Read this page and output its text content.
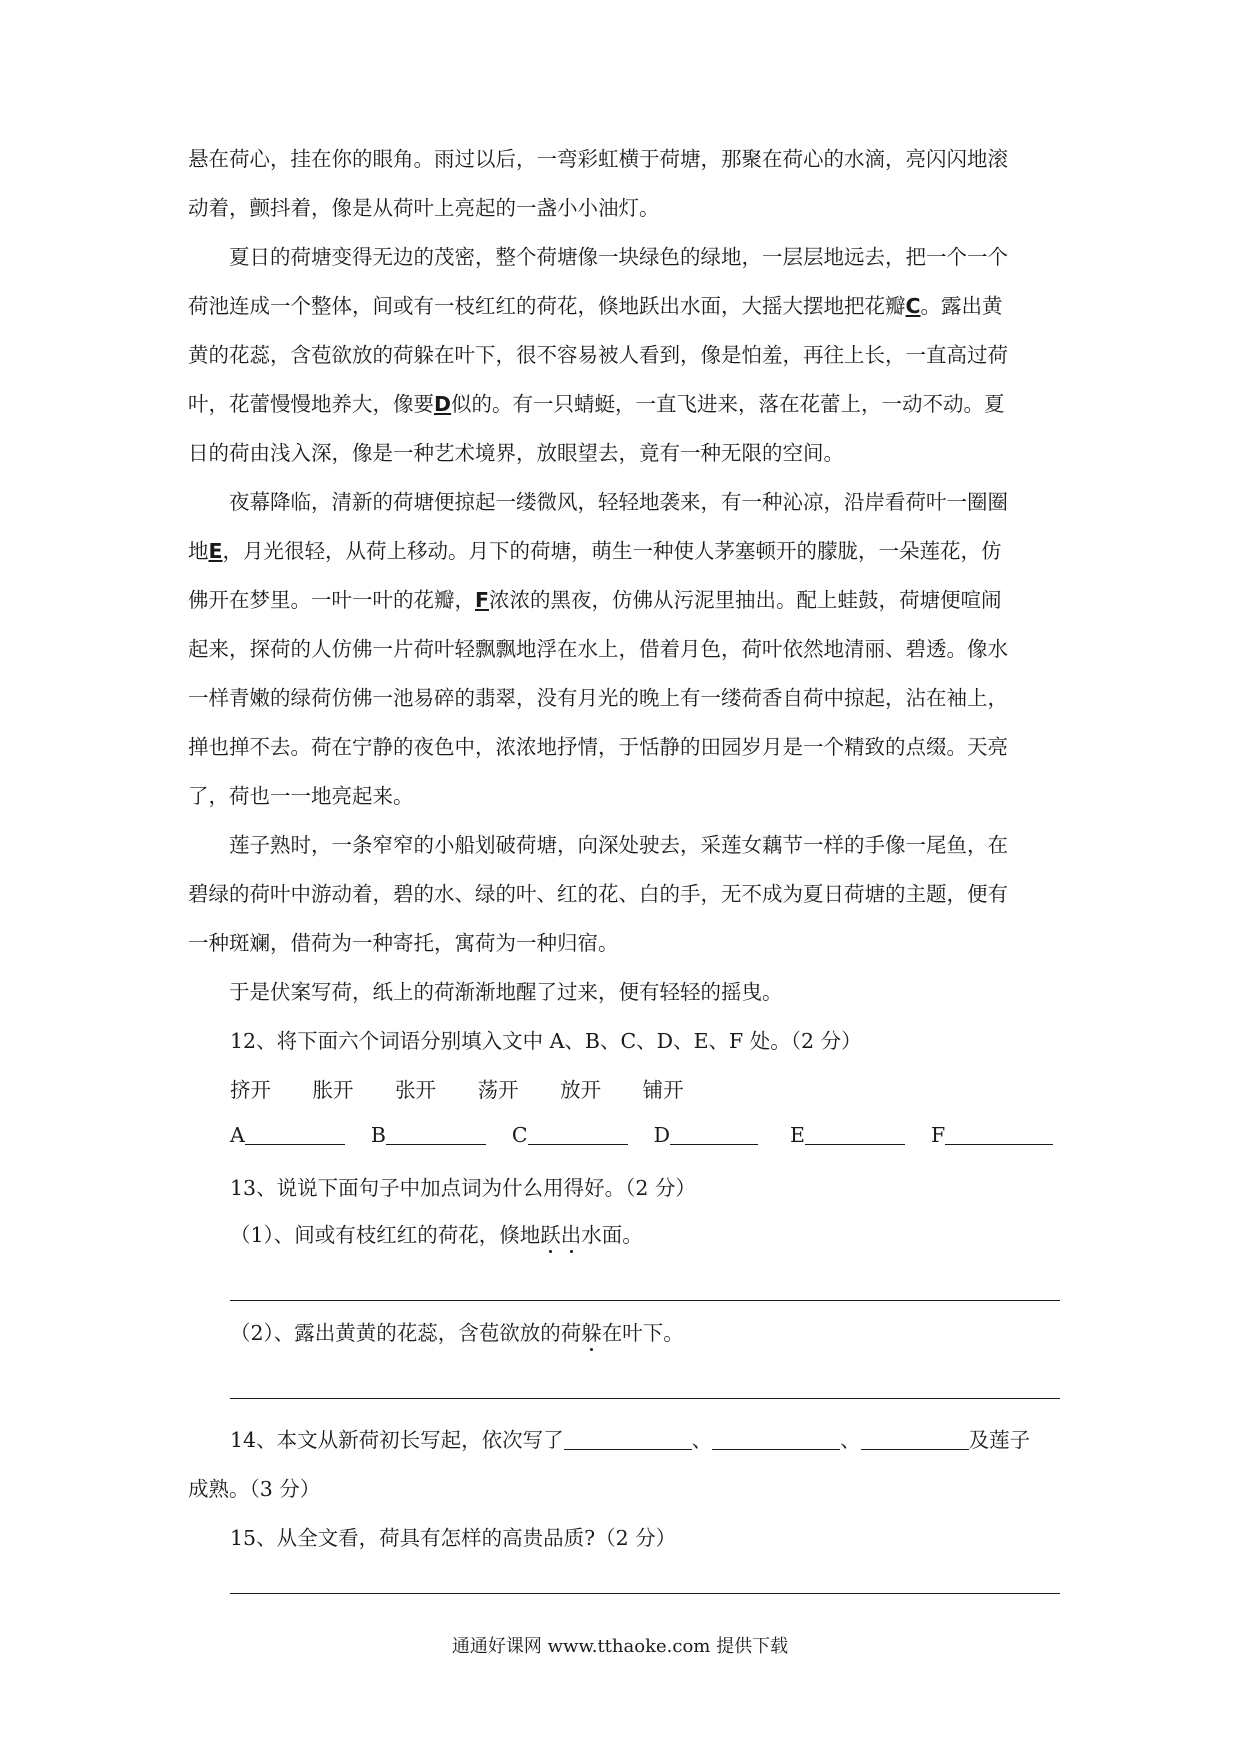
悬在荷心，挂在你的眼角。雨过以后，一弯彩虹横于荷塘，那聚在荷心的水滴，亮闪闪地滚
动着，颤抖着，像是从荷叶上亮起的一盏小小油灯。
　　夏日的荷塘变得无边的茂密，整个荷塘像一块绿色的绿地，一层层地远去，把一个一个
荷池连成一个整体，间或有一枝红红的荷花，倏地跃出水面，大摇大摆地把花瓣C。露出黄
黄的花蕊，含苞欲放的荷躲在叶下，很不容易被人看到，像是怕羞，再往上长，一直高过荷
叶，花蕾慢慢地养大，像要D似的。有一只蜻蜓，一直飞进来，落在花蕾上，一动不动。夏
日的荷由浅入深，像是一种艺术境界，放眼望去，竟有一种无限的空间。
　　夜幕降临，清新的荷塘便掠起一缕微风，轻轻地袭来，有一种沁凉，沿岸看荷叶一圈圈
地E，月光很轻，从荷上移动。月下的荷塘，萌生一种使人茅塞顿开的朦胧，一朵莲花，仿
佛开在梦里。一叶一叶的花瓣，F浓浓的黑夜，仿佛从污泥里抽出。配上蛙鼓，荷塘便喧闹
起来，探荷的人仿佛一片荷叶轻飘飘地浮在水上，借着月色，荷叶依然地清丽、碧透。像水
一样青嫩的绿荷仿佛一池易碎的翡翠，没有月光的晚上有一缕荷香自荷中掠起，沾在袖上，
掸也掸不去。荷在宁静的夜色中，浓浓地抒情，于恬静的田园岁月是一个精致的点缀。天亮
了，荷也一一地亮起来。
　　莲子熟时，一条窄窄的小船划破荷塘，向深处驶去，采莲女藕节一样的手像一尾鱼，在
碧绿的荷叶中游动着，碧的水、绿的叶、红的花、白的手，无不成为夏日荷塘的主题，便有
一种斑斓，借荷为一种寄托，寓荷为一种归宿。
　　于是伏案写荷，纸上的荷渐渐地醒了过来，便有轻轻的摇曳。
12、将下面六个词语分别填入文中 A、B、C、D、E、F 处。（2 分）
挤开 胀开 张开 荡开 放开 铺开
A	B	C	D	E	F
13、说说下面句子中加点词为什么用得好。（2 分）
（1）、间或有枝红红的荷花，倏地跃出水面。
（2）、露出黄黄的花蕊，含苞欲放的荷躲在叶下。
14、本文从新荷初长写起，依次写了	、	、	及莲子
成熟。（3 分）
15、从全文看，荷具有怎样的高贵品质?（2 分）
通通好课网 www.tthaoke.com 提供下载
